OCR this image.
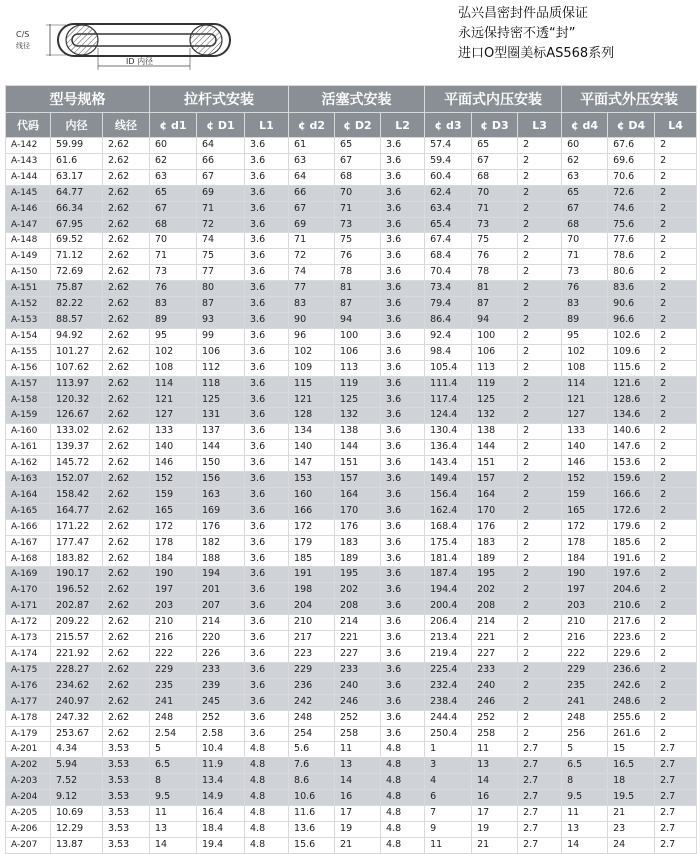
C/S
线径
ID 内径
弘兴昌密封件品质保证
永远保持密不透“封”
进口O型圈美标AS568系列
型号规格			拉杆式安装			活塞式安装			平面式内压安装			平面式外压安装		
代码	内径	线径	¢ d1	¢ D1	L1	¢ d2	¢ D2	L2	¢ d3	¢ D3	L3	¢ d4	¢ D4	L4
A-142	59.99	2.62	60	64	3.6	61	65	3.6	57.4	65	2	60	67.6	2
A-143	61.6	2.62	62	66	3.6	63	67	3.6	59.4	67	2	62	69.6	2
A-144	63.17	2.62	63	67	3.6	64	68	3.6	60.4	68	2	63	70.6	2
A-145	64.77	2.62	65	69	3.6	66	70	3.6	62.4	70	2	65	72.6	2
A-146	66.34	2.62	67	71	3.6	67	71	3.6	63.4	71	2	67	74.6	2
A-147	67.95	2.62	68	72	3.6	69	73	3.6	65.4	73	2	68	75.6	2
A-148	69.52	2.62	70	74	3.6	71	75	3.6	67.4	75	2	70	77.6	2
A-149	71.12	2.62	71	75	3.6	72	76	3.6	68.4	76	2	71	78.6	2
A-150	72.69	2.62	73	77	3.6	74	78	3.6	70.4	78	2	73	80.6	2
A-151	75.87	2.62	76	80	3.6	77	81	3.6	73.4	81	2	76	83.6	2
A-152	82.22	2.62	83	87	3.6	83	87	3.6	79.4	87	2	83	90.6	2
A-153	88.57	2.62	89	93	3.6	90	94	3.6	86.4	94	2	89	96.6	2
A-154	94.92	2.62	95	99	3.6	96	100	3.6	92.4	100	2	95	102.6	2
A-155	101.27	2.62	102	106	3.6	102	106	3.6	98.4	106	2	102	109.6	2
A-156	107.62	2.62	108	112	3.6	109	113	3.6	105.4	113	2	108	115.6	2
A-157	113.97	2.62	114	118	3.6	115	119	3.6	111.4	119	2	114	121.6	2
A-158	120.32	2.62	121	125	3.6	121	125	3.6	117.4	125	2	121	128.6	2
A-159	126.67	2.62	127	131	3.6	128	132	3.6	124.4	132	2	127	134.6	2
A-160	133.02	2.62	133	137	3.6	134	138	3.6	130.4	138	2	133	140.6	2
A-161	139.37	2.62	140	144	3.6	140	144	3.6	136.4	144	2	140	147.6	2
A-162	145.72	2.62	146	150	3.6	147	151	3.6	143.4	151	2	146	153.6	2
A-163	152.07	2.62	152	156	3.6	153	157	3.6	149.4	157	2	152	159.6	2
A-164	158.42	2.62	159	163	3.6	160	164	3.6	156.4	164	2	159	166.6	2
A-165	164.77	2.62	165	169	3.6	166	170	3.6	162.4	170	2	165	172.6	2
A-166	171.22	2.62	172	176	3.6	172	176	3.6	168.4	176	2	172	179.6	2
A-167	177.47	2.62	178	182	3.6	179	183	3.6	175.4	183	2	178	185.6	2
A-168	183.82	2.62	184	188	3.6	185	189	3.6	181.4	189	2	184	191.6	2
A-169	190.17	2.62	190	194	3.6	191	195	3.6	187.4	195	2	190	197.6	2
A-170	196.52	2.62	197	201	3.6	198	202	3.6	194.4	202	2	197	204.6	2
A-171	202.87	2.62	203	207	3.6	204	208	3.6	200.4	208	2	203	210.6	2
A-172	209.22	2.62	210	214	3.6	210	214	3.6	206.4	214	2	210	217.6	2
A-173	215.57	2.62	216	220	3.6	217	221	3.6	213.4	221	2	216	223.6	2
A-174	221.92	2.62	222	226	3.6	223	227	3.6	219.4	227	2	222	229.6	2
A-175	228.27	2.62	229	233	3.6	229	233	3.6	225.4	233	2	229	236.6	2
A-176	234.62	2.62	235	239	3.6	236	240	3.6	232.4	240	2	235	242.6	2
A-177	240.97	2.62	241	245	3.6	242	246	3.6	238.4	246	2	241	248.6	2
A-178	247.32	2.62	248	252	3.6	248	252	3.6	244.4	252	2	248	255.6	2
A-179	253.67	2.62	2.54	2.58	3.6	254	258	3.6	250.4	258	2	256	261.6	2
A-201	4.34	3.53	5	10.4	4.8	5.6	11	4.8	1	11	2.7	5	15	2.7
A-202	5.94	3.53	6.5	11.9	4.8	7.6	13	4.8	3	13	2.7	6.5	16.5	2.7
A-203	7.52	3.53	8	13.4	4.8	8.6	14	4.8	4	14	2.7	8	18	2.7
A-204	9.12	3.53	9.5	14.9	4.8	10.6	16	4.8	6	16	2.7	9.5	19.5	2.7
A-205	10.69	3.53	11	16.4	4.8	11.6	17	4.8	7	17	2.7	11	21	2.7
A-206	12.29	3.53	13	18.4	4.8	13.6	19	4.8	9	19	2.7	13	23	2.7
A-207	13.87	3.53	14	19.4	4.8	15.6	21	4.8	11	21	2.7	14	24	2.7
